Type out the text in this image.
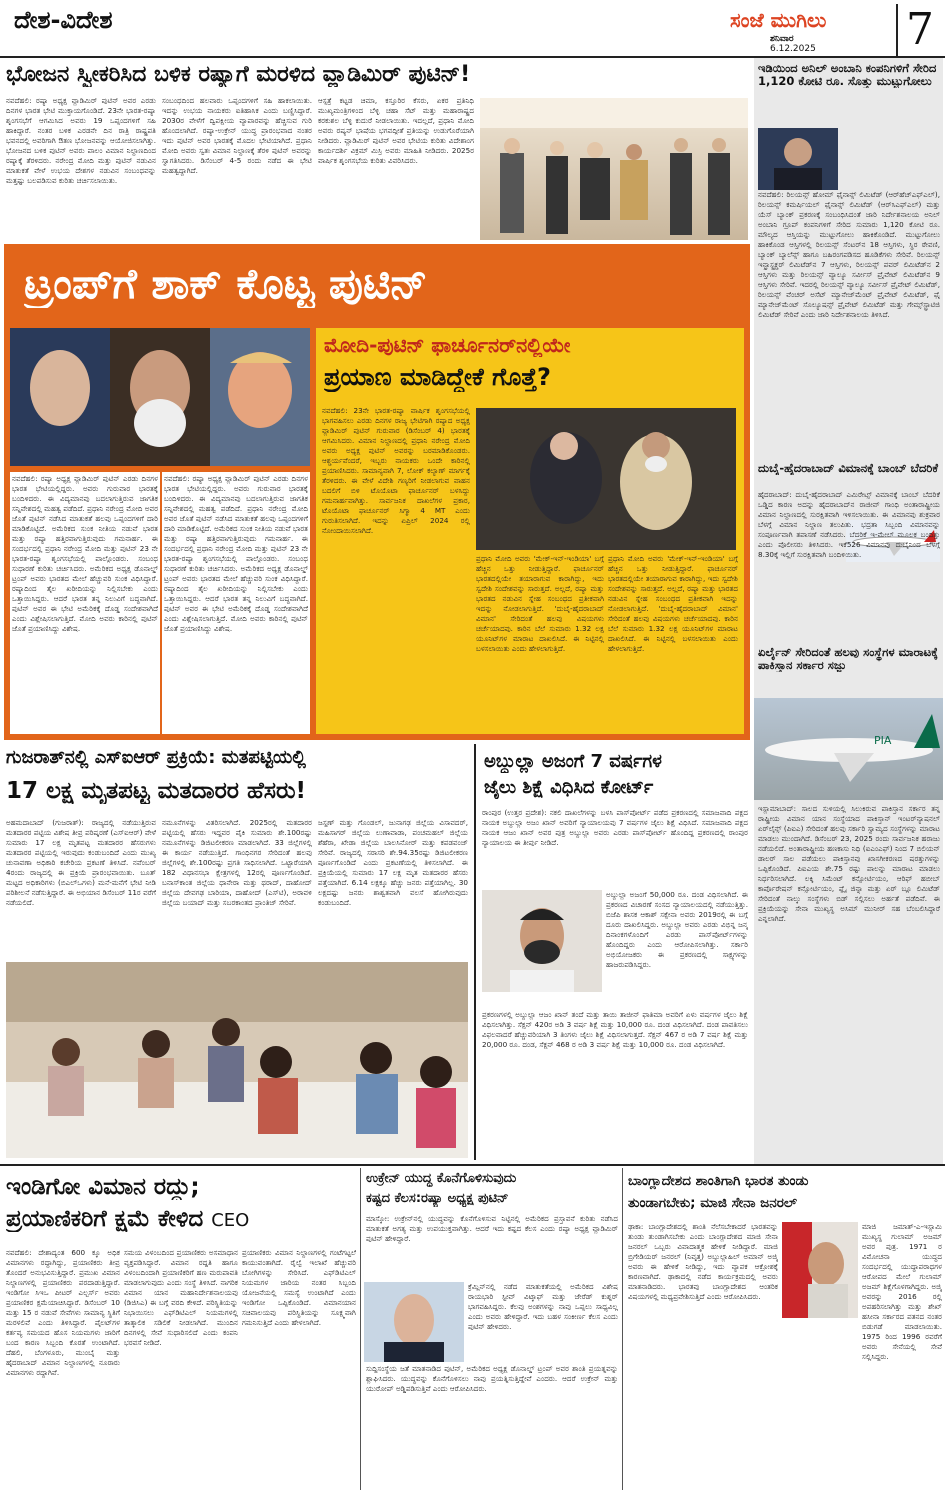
ದೇಶ-ವಿದೇಶ	ಸಂಜೆ ಮುಗಿಲು
ಶನಿವಾರ
6.12.2025 7
ಭೋಜನ ಸ್ವೀಕರಿಸಿದ ಬಳಿಕ ರಷ್ಯಾಗೆ ಮರಳಿದ ವ್ಲಾಡಿಮಿರ್ ಪುಟಿನ್!
ನವದೆಹಲಿ: ರಷ್ಯಾ ಅಧ್ಯಕ್ಷ ವ್ಲಾಡಿಮಿರ್ ಪುಟಿನ್ ಅವರ ಎರಡು ದಿನಗಳ ಭಾರತ ಭೇಟಿ ಮುಕ್ತಾಯಗೊಂಡಿದೆ. 23ನೇ ಭಾರತ-ರಷ್ಯಾ ಶೃಂಗಸಭೆಗೆ ಆಗಮಿಸಿದ ಅವರು 19 ಒಪ್ಪಂದಗಳಿಗೆ ಸಹಿ ಹಾಕಿದ್ದಾರೆ. ನಂತರ ಬಳಿಕ ಎರಡನೇ ದಿನ ರಾತ್ರಿ ರಾಷ್ಟ್ರಪತಿ ಭವನದಲ್ಲಿ ಅವರಿಗಾಗಿ ಔತಣ ಭೋಜನವನ್ನು ಆಯೋಜಿಸಲಾಗಿತ್ತು. ಭೋಜನದ ಬಳಿಕ ಪುಟಿನ್ ಅವರು ಪಾಲಂ ವಿಮಾನ ನಿಲ್ದಾಣದಿಂದ ರಷ್ಯಾಕ್ಕೆ ತೆರಳಿದರು. ನರೇಂದ್ರ ಮೋದಿ ಮತ್ತು ಪುಟಿನ್ ನಡುವಿನ ಮಾತುಕತೆ ವೇಳೆ ಉಭಯ ದೇಶಗಳ ನಡುವಿನ ಸಂಬಂಧವನ್ನು ಮತ್ತಷ್ಟು ಬಲಪಡಿಸುವ ಕುರಿತು ಚರ್ಚಿಸಲಾಯಿತು.
ಸಂಬಂಧದಿಂದ ಹಲವಾರು ಒಪ್ಪಂದಗಳಿಗೆ ಸಹಿ ಹಾಕಲಾಯಿತು. ಇದನ್ನು ಉಭಯ ನಾಯಕರು ಐತಿಹಾಸಿಕ ಎಂದು ಬಣ್ಣಿಸಿದ್ದಾರೆ. 2030ರ ವೇಳೆಗೆ ದ್ವಿಪಕ್ಷೀಯ ವ್ಯಾಪಾರವನ್ನು ಹೆಚ್ಚಿಸುವ ಗುರಿ ಹೊಂದಲಾಗಿದೆ. ರಷ್ಯಾ-ಉಕ್ರೇನ್ ಯುದ್ಧ ಪ್ರಾರಂಭವಾದ ನಂತರ ಇದು ಪುಟಿನ್ ಅವರ ಭಾರತಕ್ಕೆ ಮೊದಲ ಭೇಟಿಯಾಗಿದೆ. ಪ್ರಧಾನಿ ಮೋದಿ ಅವರು ಸ್ವತಃ ವಿಮಾನ ನಿಲ್ದಾಣಕ್ಕೆ ತೆರಳಿ ಪುಟಿನ್ ಅವರನ್ನು ಸ್ವಾಗತಿಸಿದರು. ಡಿಸೆಂಬರ್ 4-5 ರಂದು ನಡೆದ ಈ ಭೇಟಿ ಮಹತ್ವದ್ದಾಗಿದೆ.
ಆಸ್ಪತ್ರೆ ಕಟ್ಟಡ ಚಿಮಾ, ಕಸ್ತೂರಿರ ಕೆಸರು, ಏಕರ ಪ್ರತಿನಿಧಿ ಮುಖ್ಯಮಂತ್ರಿಗಳಿಂದ ಬೆಳ್ಳಿ ಚಹಾ ಸೆಟ್ ಮತ್ತು ಮಹಾರಾಷ್ಟ್ರದ ಕರಕುಶಲ ಬೆಳ್ಳಿ ಕುದುರೆ ನೀಡಲಾಯಿತು. ಇದಲ್ಲದೆ, ಪ್ರಧಾನಿ ಮೋದಿ ಅವರು ರಷ್ಯನ್ ಭಾಷೆಯ ಭಗವದ್ಗೀತೆ ಪ್ರತಿಯನ್ನು ಉಡುಗೊರೆಯಾಗಿ ನೀಡಿದರು. ವ್ಲಾಡಿಮಿರ್ ಪುಟಿನ್ ಅವರ ಭೇಟಿಯ ಕುರಿತು ವಿದೇಶಾಂಗ ಕಾರ್ಯದರ್ಶಿ ವಿಕ್ರಮ್ ಮಿಸ್ರಿ ಅವರು ಮಾಹಿತಿ ನೀಡಿದರು. 2025ರ ವಾರ್ಷಿಕ ಶೃಂಗಸಭೆಯ ಕುರಿತು ವಿವರಿಸಿದರು.
ಇಡಿಯಿಂದ ಅನಿಲ್ ಅಂಬಾನಿ ಕಂಪನಿಗಳಿಗೆ ಸೇರಿದ 1,120 ಕೋಟಿ ರೂ. ಸೊತ್ತು ಮುಟ್ಟುಗೋಲು
ನವದೆಹಲಿ: ರಿಲಯನ್ಸ್ ಹೋಮ್ ಫೈನಾನ್ಸ್ ಲಿಮಿಟೆಡ್ (ಆರ್‌ಹೆಚ್‌ಎಫ್‌ಎಲ್), ರಿಲಯನ್ಸ್ ಕಮರ್ಷಿಯಲ್ ಫೈನಾನ್ಸ್ ಲಿಮಿಟೆಡ್ (ಆರ್‌ಸಿಎಫ್‌ಎಲ್) ಮತ್ತು ಯೆಸ್ ಬ್ಯಾಂಕ್ ಪ್ರಕರಣಕ್ಕೆ ಸಂಬಂಧಿಸಿದಂತೆ ಜಾರಿ ನಿರ್ದೇಶನಾಲಯ ಅನಿಲ್ ಅಂಬಾನಿ ಗ್ರೂಪ್ ಕಂಪನಿಗಳಿಗೆ ಸೇರಿದ ಸುಮಾರು 1,120 ಕೋಟಿ ರೂ. ಮೌಲ್ಯದ ಆಸ್ತಿಯನ್ನು ಮುಟ್ಟುಗೋಲು ಹಾಕಿಕೊಂಡಿದೆ. ಮುಟ್ಟುಗೋಲು ಹಾಕಿಕೊಂಡ ಆಸ್ತಿಗಳಲ್ಲಿ ರಿಲಯನ್ಸ್ ಸೆಂಟರ್‌ನ 18 ಆಸ್ತಿಗಳು, ಸ್ಥಿರ ಠೇವಣಿ, ಬ್ಯಾಂಕ್ ಬ್ಯಾಲೆನ್ಸ್ ಹಾಗೂ ಬಹಿರಂಗಪಡಿಸದ ಹೂಡಿಕೆಗಳು ಸೇರಿವೆ. ರಿಲಯನ್ಸ್ ಇನ್ಫ್ರಾಸ್ಟ್ರಕ್ಚರ್ ಲಿಮಿಟೆಡ್‌ನ 7 ಆಸ್ತಿಗಳು, ರಿಲಯನ್ಸ್ ಪವರ್ ಲಿಮಿಟೆಡ್‌ನ 2 ಆಸ್ತಿಗಳು ಮತ್ತು ರಿಲಯನ್ಸ್ ವ್ಯಾಲ್ಯೂ ಸರ್ವೀಸ್ ಪ್ರೈವೇಟ್ ಲಿಮಿಟೆಡ್‌ನ 9 ಆಸ್ತಿಗಳು ಸೇರಿವೆ. ಇದರಲ್ಲಿ ರಿಲಯನ್ಸ್ ವ್ಯಾಲ್ಯೂ ಸರ್ವೀಸ್ ಪ್ರೈವೇಟ್ ಲಿಮಿಟೆಡ್, ರಿಲಯನ್ಸ್ ವೆಂಚರ್ ಅಸೆಟ್ ಮ್ಯಾನೇಜ್‌ಮೆಂಟ್ ಪ್ರೈವೇಟ್ ಲಿಮಿಟೆಡ್, ಫೈ ಮ್ಯಾನೇಜ್‌ಮೆಂಟ್ ಸೊಲ್ಯೂಷನ್ಸ್ ಪ್ರೈವೇಟ್ ಲಿಮಿಟೆಡ್ ಮತ್ತು ಗೇಮ್ಸ್‌ಸ್ಟ್ರಾಟಿಜಿ ಲಿಮಿಟೆಡ್ ಸೇರಿವೆ ಎಂದು ಜಾರಿ ನಿರ್ದೇಶನಾಲಯ ತಿಳಿಸಿದೆ.
ದುಬೈ-ಹೈದರಾಬಾದ್ ವಿಮಾನಕ್ಕೆ ಬಾಂಬ್ ಬೆದರಿಕೆ
ಹೈದರಾಬಾದ್: ದುಬೈ-ಹೈದರಾಬಾದ್ ಎಮಿರೇಟ್ಸ್ ವಿಮಾನಕ್ಕೆ ಬಾಂಬ್ ಬೆದರಿಕೆ ಒಡ್ಡಿದ ಕಾರಣ ಅದನ್ನು ಹೈದರಾಬಾದ್‌ನ ರಾಜೀವ್ ಗಾಂಧಿ ಅಂತಾರಾಷ್ಟ್ರೀಯ ವಿಮಾನ ನಿಲ್ದಾಣದಲ್ಲಿ ಸುರಕ್ಷಿತವಾಗಿ ಇಳಿಸಲಾಯಿತು. ಈ ವಿಮಾನವು ಶುಕ್ರವಾರ ಬೆಳಗ್ಗೆ ವಿಮಾನ ನಿಲ್ದಾಣ ತಲುಪಿತು. ಭದ್ರತಾ ಸಿಬ್ಬಂದಿ ವಿಮಾನವನ್ನು ಸಂಪೂರ್ಣವಾಗಿ ತಪಾಸಣೆ ನಡೆಸಿದರು. ಬೆದರಿಕೆ ಇ-ಮೇಲ್ ಮೂಲಕ ಬಂದಿತ್ತು ಎಂದು ಪೊಲೀಸರು ತಿಳಿಸಿದರು. ಇಕೆ526 ವಿಮಾನವು ದುಬೈನಿಂದ ಬೆಳಗ್ಗೆ 8.30ಕ್ಕೆ ಇಲ್ಲಿಗೆ ಸುರಕ್ಷಿತವಾಗಿ ಬಂದಿಳಿಯಿತು.
ಏರ್ಲೈನ್ ಸೇರಿದಂತೆ ಹಲವು ಸಂಸ್ಥೆಗಳ ಮಾರಾಟಕ್ಕೆ ಪಾಕಿಸ್ತಾನ ಸರ್ಕಾರ ಸಜ್ಜು
PIA
ಇಸ್ಲಾಮಾಬಾದ್: ಸಾಲದ ಸುಳಿಯಲ್ಲಿ ಸಿಲುಕಿರುವ ಪಾಕಿಸ್ತಾನ ಸರ್ಕಾರ ತನ್ನ ರಾಷ್ಟ್ರೀಯ ವಿಮಾನ ಯಾನ ಸಂಸ್ಥೆಯಾದ ಪಾಕಿಸ್ತಾನ್ ಇಂಟರ್‌ನ್ಯಾಷನಲ್ ಏರ್‌ಲೈನ್ಸ್ (ಪಿಐಎ) ಸೇರಿದಂತೆ ಹಲವು ಸರ್ಕಾರಿ ಸ್ವಾಮ್ಯದ ಸಂಸ್ಥೆಗಳನ್ನು ಮಾರಾಟ ಮಾಡಲು ಮುಂದಾಗಿದೆ. ಡಿಸೆಂಬರ್ 23, 2025 ರಂದು ಸಾರ್ವಜನಿಕ ಹರಾಜು ನಡೆಯಲಿದೆ. ಅಂತಾರಾಷ್ಟ್ರೀಯ ಹಣಕಾಸು ನಿಧಿ (ಐಎಂಎಫ್) ನಿಂದ 7 ಬಿಲಿಯನ್ ಡಾಲರ್ ಸಾಲ ಪಡೆಯಲು ಪಾಕಿಸ್ತಾನವು ಖಾಸಗೀಕರಣದ ಷರತ್ತುಗಳನ್ನು ಒಪ್ಪಿಕೊಂಡಿದೆ. ಪಿಐಎಯ ಶೇ.75 ರಷ್ಟು ಪಾಲನ್ನು ಮಾರಾಟ ಮಾಡಲು ನಿರ್ಧರಿಸಲಾಗಿದೆ. ಲಕ್ಕಿ ಸಿಮೆಂಟ್ ಕನ್ಸೋರ್ಟಿಯಂ, ಆರಿಫ್ ಹಬೀಬ್ ಕಾರ್ಪೊರೇಷನ್ ಕನ್ಸೋರ್ಟಿಯಂ, ಫ್ಲೈ ಜಿನ್ನಾ ಮತ್ತು ಏರ್ ಬ್ಲೂ ಲಿಮಿಟೆಡ್ ಸೇರಿದಂತೆ ನಾಲ್ಕು ಸಂಸ್ಥೆಗಳು ಬಿಡ್ ಸಲ್ಲಿಸಲು ಅರ್ಹತೆ ಪಡೆದಿವೆ. ಈ ಪ್ರಕ್ರಿಯೆಯನ್ನು ಸೇನಾ ಮುಖ್ಯಸ್ಥ ಅಸಿಮ್ ಮುನೀರ್ ಸಹ ಬೆಂಬಲಿಸಿದ್ದಾರೆ ಎನ್ನಲಾಗಿದೆ.
ಟ್ರಂಪ್‌ಗೆ ಶಾಕ್ ಕೊಟ್ಟ ಪುಟಿನ್
ನವದೆಹಲಿ: ರಷ್ಯಾ ಅಧ್ಯಕ್ಷ ವ್ಲಾಡಿಮಿರ್ ಪುಟಿನ್ ಎರಡು ದಿನಗಳ ಭಾರತ ಭೇಟಿಯಲ್ಲಿದ್ದರು. ಅವರು ಗುರುವಾರ ಭಾರತಕ್ಕೆ ಬಂದಿಳಿದರು. ಈ ವಿದ್ಯಮಾನವು ಬದಲಾಗುತ್ತಿರುವ ಜಾಗತಿಕ ಸನ್ನಿವೇಶದಲ್ಲಿ ಮಹತ್ವ ಪಡೆದಿದೆ. ಪ್ರಧಾನಿ ನರೇಂದ್ರ ಮೋದಿ ಅವರ ಜೊತೆ ಪುಟಿನ್ ನಡೆಸಿದ ಮಾತುಕತೆ ಹಲವು ಒಪ್ಪಂದಗಳಿಗೆ ದಾರಿ ಮಾಡಿಕೊಟ್ಟಿದೆ. ಅಮೆರಿಕದ ಸುಂಕ ನೀತಿಯ ನಡುವೆ ಭಾರತ ಮತ್ತು ರಷ್ಯಾ ಹತ್ತಿರವಾಗುತ್ತಿರುವುದು ಗಮನಾರ್ಹ. ಈ ಸಂದರ್ಭದಲ್ಲಿ ಪ್ರಧಾನಿ ನರೇಂದ್ರ ಮೋದಿ ಮತ್ತು ಪುಟಿನ್ 23 ನೇ ಭಾರತ-ರಷ್ಯಾ ಶೃಂಗಸಭೆಯಲ್ಲಿ ಪಾಲ್ಗೊಂಡರು. ಸಂಬಂಧ ಸುಧಾರಣೆ ಕುರಿತು ಚರ್ಚಿಸಿದರು. ಅಮೆರಿಕದ ಅಧ್ಯಕ್ಷ ಡೊನಾಲ್ಡ್ ಟ್ರಂಪ್ ಅವರು ಭಾರತದ ಮೇಲೆ ಹೆಚ್ಚುವರಿ ಸುಂಕ ವಿಧಿಸಿದ್ದಾರೆ. ರಷ್ಯಾದಿಂದ ತೈಲ ಖರೀದಿಯನ್ನು ನಿಲ್ಲಿಸಬೇಕು ಎಂದು ಒತ್ತಾಯಿಸಿದ್ದರು. ಆದರೆ ಭಾರತ ತನ್ನ ನಿಲುವಿಗೆ ಬದ್ಧವಾಗಿದೆ. ಪುಟಿನ್ ಅವರ ಈ ಭೇಟಿ ಅಮೆರಿಕಕ್ಕೆ ದೊಡ್ಡ ಸಂದೇಶವಾಗಿದೆ ಎಂದು ವಿಶ್ಲೇಷಿಸಲಾಗುತ್ತಿದೆ. ಮೋದಿ ಅವರು ಕಾರಿನಲ್ಲಿ ಪುಟಿನ್ ಜೊತೆ ಪ್ರಯಾಣಿಸಿದ್ದು ವಿಶೇಷ.
ನವದೆಹಲಿ: ರಷ್ಯಾ ಅಧ್ಯಕ್ಷ ವ್ಲಾಡಿಮಿರ್ ಪುಟಿನ್ ಎರಡು ದಿನಗಳ ಭಾರತ ಭೇಟಿಯಲ್ಲಿದ್ದರು. ಅವರು ಗುರುವಾರ ಭಾರತಕ್ಕೆ ಬಂದಿಳಿದರು. ಈ ವಿದ್ಯಮಾನವು ಬದಲಾಗುತ್ತಿರುವ ಜಾಗತಿಕ ಸನ್ನಿವೇಶದಲ್ಲಿ ಮಹತ್ವ ಪಡೆದಿದೆ. ಪ್ರಧಾನಿ ನರೇಂದ್ರ ಮೋದಿ ಅವರ ಜೊತೆ ಪುಟಿನ್ ನಡೆಸಿದ ಮಾತುಕತೆ ಹಲವು ಒಪ್ಪಂದಗಳಿಗೆ ದಾರಿ ಮಾಡಿಕೊಟ್ಟಿದೆ. ಅಮೆರಿಕದ ಸುಂಕ ನೀತಿಯ ನಡುವೆ ಭಾರತ ಮತ್ತು ರಷ್ಯಾ ಹತ್ತಿರವಾಗುತ್ತಿರುವುದು ಗಮನಾರ್ಹ. ಈ ಸಂದರ್ಭದಲ್ಲಿ ಪ್ರಧಾನಿ ನರೇಂದ್ರ ಮೋದಿ ಮತ್ತು ಪುಟಿನ್ 23 ನೇ ಭಾರತ-ರಷ್ಯಾ ಶೃಂಗಸಭೆಯಲ್ಲಿ ಪಾಲ್ಗೊಂಡರು. ಸಂಬಂಧ ಸುಧಾರಣೆ ಕುರಿತು ಚರ್ಚಿಸಿದರು. ಅಮೆರಿಕದ ಅಧ್ಯಕ್ಷ ಡೊನಾಲ್ಡ್ ಟ್ರಂಪ್ ಅವರು ಭಾರತದ ಮೇಲೆ ಹೆಚ್ಚುವರಿ ಸುಂಕ ವಿಧಿಸಿದ್ದಾರೆ. ರಷ್ಯಾದಿಂದ ತೈಲ ಖರೀದಿಯನ್ನು ನಿಲ್ಲಿಸಬೇಕು ಎಂದು ಒತ್ತಾಯಿಸಿದ್ದರು. ಆದರೆ ಭಾರತ ತನ್ನ ನಿಲುವಿಗೆ ಬದ್ಧವಾಗಿದೆ. ಪುಟಿನ್ ಅವರ ಈ ಭೇಟಿ ಅಮೆರಿಕಕ್ಕೆ ದೊಡ್ಡ ಸಂದೇಶವಾಗಿದೆ ಎಂದು ವಿಶ್ಲೇಷಿಸಲಾಗುತ್ತಿದೆ. ಮೋದಿ ಅವರು ಕಾರಿನಲ್ಲಿ ಪುಟಿನ್ ಜೊತೆ ಪ್ರಯಾಣಿಸಿದ್ದು ವಿಶೇಷ.
ಮೋದಿ-ಪುಟಿನ್ ಫಾರ್ಚೂನರ್‌ನಲ್ಲಿಯೇ
ಪ್ರಯಾಣ ಮಾಡಿದ್ದೇಕೆ ಗೊತ್ತೆ?
ನವದೆಹಲಿ: 23ನೇ ಭಾರತ-ರಷ್ಯಾ ವಾರ್ಷಿಕ ಶೃಂಗಸಭೆಯಲ್ಲಿ ಭಾಗವಹಿಸಲು ಎರಡು ದಿನಗಳ ರಾಜ್ಯ ಭೇಟಿಗಾಗಿ ರಷ್ಯಾದ ಅಧ್ಯಕ್ಷ ವ್ಲಾಡಿಮಿರ್ ಪುಟಿನ್ ಗುರುವಾರ (ಡಿಸೆಂಬರ್ 4) ಭಾರತಕ್ಕೆ ಆಗಮಿಸಿದರು. ವಿಮಾನ ನಿಲ್ದಾಣದಲ್ಲಿ ಪ್ರಧಾನಿ ನರೇಂದ್ರ ಮೋದಿ ಅವರು ಅಧ್ಯಕ್ಷ ಪುಟಿನ್ ಅವರನ್ನು ಬರಮಾಡಿಕೊಂಡರು. ಆಶ್ಚರ್ಯವೆಂದರೆ, ಇಬ್ಬರು ನಾಯಕರು ಒಂದೇ ಕಾರಿನಲ್ಲಿ ಪ್ರಯಾಣಿಸಿದರು. ಸಾಮಾನ್ಯವಾಗಿ 7, ಲೋಕ್ ಕಲ್ಯಾಣ್ ಮಾರ್ಗಕ್ಕೆ ತೆರಳಿದರು. ಈ ವೇಳೆ ವಿದೇಶಿ ಗಣ್ಯರಿಗೆ ನೀಡಲಾಗುವ ವಾಹನ ಬದಲಿಗೆ ಬಿಳಿ ಟೊಯೊಟಾ ಫಾರ್ಚೂನರ್ ಬಳಸಿದ್ದು ಗಮನಾರ್ಹವಾಗಿತ್ತು. ಸಾರ್ವಜನಿಕ ದಾಖಲೆಗಳ ಪ್ರಕಾರ, ಟೊಯೊಟಾ ಫಾರ್ಚೂನರ್ ಸಿಗ್ಮಾ 4 MT ಎಂದು ಗುರುತಿಸಲಾಗಿದೆ. ಇದನ್ನು ಏಪ್ರಿಲ್ 2024 ರಲ್ಲಿ ನೋಂದಾಯಿಸಲಾಗಿದೆ.
ಪ್ರಧಾನಿ ಮೋದಿ ಅವರು 'ಮೇಕ್-ಇನ್-ಇಂಡಿಯಾ' ಬಗ್ಗೆ ಹೆಚ್ಚಿನ ಒತ್ತು ನೀಡುತ್ತಿದ್ದಾರೆ. ಫಾರ್ಚೂನರ್ ಭಾರತದಲ್ಲಿಯೇ ತಯಾರಾಗುವ ಕಾರಾಗಿದ್ದು, ಇದು ಸ್ವದೇಶಿ ಸಂದೇಶವನ್ನು ಸಾರುತ್ತದೆ. ಅಲ್ಲದೆ, ರಷ್ಯಾ ಮತ್ತು ಭಾರತದ ನಡುವಿನ ಸ್ನೇಹ ಸಂಬಂಧದ ಪ್ರತೀಕವಾಗಿ ಇದನ್ನು ನೋಡಲಾಗುತ್ತಿದೆ. 'ದುಬೈ-ಹೈದರಾಬಾದ್ ವಿಮಾನ' ಸೇರಿದಂತೆ ಹಲವು ವಿಷಯಗಳು ಚರ್ಚೆಯಾದವು. ಕಾರಿನ ಬೆಲೆ ಸುಮಾರು 1.32 ಲಕ್ಷ ಯೂನಿಟ್‌ಗಳ ಮಾರಾಟ ದಾಖಲಿಸಿದೆ. ಈ ನಿಟ್ಟಿನಲ್ಲಿ ಬಳಸಲಾಯಿತು ಎಂದು ಹೇಳಲಾಗುತ್ತಿದೆ.
ಪ್ರಧಾನಿ ಮೋದಿ ಅವರು 'ಮೇಕ್-ಇನ್-ಇಂಡಿಯಾ' ಬಗ್ಗೆ ಹೆಚ್ಚಿನ ಒತ್ತು ನೀಡುತ್ತಿದ್ದಾರೆ. ಫಾರ್ಚೂನರ್ ಭಾರತದಲ್ಲಿಯೇ ತಯಾರಾಗುವ ಕಾರಾಗಿದ್ದು, ಇದು ಸ್ವದೇಶಿ ಸಂದೇಶವನ್ನು ಸಾರುತ್ತದೆ. ಅಲ್ಲದೆ, ರಷ್ಯಾ ಮತ್ತು ಭಾರತದ ನಡುವಿನ ಸ್ನೇಹ ಸಂಬಂಧದ ಪ್ರತೀಕವಾಗಿ ಇದನ್ನು ನೋಡಲಾಗುತ್ತಿದೆ. 'ದುಬೈ-ಹೈದರಾಬಾದ್ ವಿಮಾನ' ಸೇರಿದಂತೆ ಹಲವು ವಿಷಯಗಳು ಚರ್ಚೆಯಾದವು. ಕಾರಿನ ಬೆಲೆ ಸುಮಾರು 1.32 ಲಕ್ಷ ಯೂನಿಟ್‌ಗಳ ಮಾರಾಟ ದಾಖಲಿಸಿದೆ. ಈ ನಿಟ್ಟಿನಲ್ಲಿ ಬಳಸಲಾಯಿತು ಎಂದು ಹೇಳಲಾಗುತ್ತಿದೆ.
ಗುಜರಾತ್‌ನಲ್ಲಿ ಎಸ್‌ಐಆರ್ ಪ್ರಕ್ರಿಯೆ: ಮತಪಟ್ಟಿಯಲ್ಲಿ
17 ಲಕ್ಷ ಮೃತಪಟ್ಟ ಮತದಾರರ ಹೆಸರು!
ಅಹಮದಾಬಾದ್ (ಗುಜರಾತ್): ರಾಜ್ಯದಲ್ಲಿ ನಡೆಯುತ್ತಿರುವ ಮತದಾರರ ಪಟ್ಟಿಯ ವಿಶೇಷ ತೀವ್ರ ಪರಿಷ್ಕರಣೆ (ಎಸ್‌ಐಆರ್) ವೇಳೆ ಸುಮಾರು 17 ಲಕ್ಷ ಮೃತಪಟ್ಟ ಮತದಾರರ ಹೆಸರುಗಳು ಮತದಾರರ ಪಟ್ಟಿಯಲ್ಲಿ ಇರುವುದು ಕಂಡುಬಂದಿದೆ ಎಂದು ಮುಖ್ಯ ಚುನಾವಣಾ ಅಧಿಕಾರಿ ಕಚೇರಿಯ ಪ್ರಕಟಣೆ ತಿಳಿಸಿದೆ. ನವೆಂಬರ್ 4ರಂದು ರಾಜ್ಯದಲ್ಲಿ ಈ ಪ್ರಕ್ರಿಯೆ ಪ್ರಾರಂಭವಾಯಿತು. ಬೂತ್ ಮಟ್ಟದ ಅಧಿಕಾರಿಗಳು (ಬಿಎಲ್‌ಒಗಳು) ಮನೆ-ಮನೆಗೆ ಭೇಟಿ ನೀಡಿ ಪರಿಶೀಲನೆ ನಡೆಸುತ್ತಿದ್ದಾರೆ. ಈ ಅಭಿಯಾನ ಡಿಸೆಂಬರ್ 11ರ ವರೆಗೆ ನಡೆಯಲಿದೆ.
ನಮೂನೆಗಳನ್ನು ವಿತರಿಸಲಾಗಿದೆ. 2025ರಲ್ಲಿ ಮತದಾರರ ಪಟ್ಟಿಯಲ್ಲಿ ಹೆಸರು ಇದ್ದವರ ಪೈಕಿ ಸುಮಾರು ಶೇ.100ರಷ್ಟು ನಮೂನೆಗಳನ್ನು ಡಿಜಿಟಲೀಕರಣ ಮಾಡಲಾಗಿದೆ. 33 ಜಿಲ್ಲೆಗಳಲ್ಲಿ ಈ ಕಾರ್ಯ ನಡೆಯುತ್ತಿದೆ. ಗಾಂಧಿನಗರ ಸೇರಿದಂತೆ ಹಲವು ಜಿಲ್ಲೆಗಳಲ್ಲಿ ಶೇ.100ರಷ್ಟು ಪ್ರಗತಿ ಸಾಧಿಸಲಾಗಿದೆ. ಒಟ್ಟಾರೆಯಾಗಿ 182 ವಿಧಾನಸಭಾ ಕ್ಷೇತ್ರಗಳಲ್ಲಿ 12ರಲ್ಲಿ ಪೂರ್ಣಗೊಂಡಿದೆ. ಬನಾಸ್‌ಕಾಂತ ಜಿಲ್ಲೆಯ ಧಾನೇರಾ ಮತ್ತು ಥರಾದ್, ದಾಹೋದ್ ಜಿಲ್ಲೆಯ ದೇವಗಢ ಬಾರಿಯಾ, ದಾಹೋದ್ (ಎಸ್‌ಟಿ), ಅರಾವಳಿ ಜಿಲ್ಲೆಯ ಬಯಾದ್ ಮತ್ತು ಸಬರಕಾಂತದ ಪ್ರಾಂತಿಜ್ ಸೇರಿವೆ.
ಜಸ್ದಣ್ ಮತ್ತು ಗೊಂಡಲ್, ಜುನಾಗಢ ಜಿಲ್ಲೆಯ ವಿಸಾವದರ್, ಮಹಿಸಾಗರ್ ಜಿಲ್ಲೆಯ ಲುಣಾವಾಡಾ, ಪಂಚಮಹಲ್ ಜಿಲ್ಲೆಯ ಶೆಹೆರಾ, ಖೇಡಾ ಜಿಲ್ಲೆಯ ಬಾಲಸಿನೋರ್ ಮತ್ತು ಕಪಡವಂಜ್ ಸೇರಿವೆ. ರಾಜ್ಯದಲ್ಲಿ ಸರಾಸರಿ ಶೇ.94.35ರಷ್ಟು ಡಿಜಿಟಲೀಕರಣ ಪೂರ್ಣಗೊಂಡಿದೆ ಎಂದು ಪ್ರಕಟಣೆಯಲ್ಲಿ ತಿಳಿಸಲಾಗಿದೆ. ಈ ಪ್ರಕ್ರಿಯೆಯಲ್ಲಿ ಸುಮಾರು 17 ಲಕ್ಷ ಮೃತ ಮತದಾರರ ಹೆಸರು ಪತ್ತೆಯಾಗಿದೆ. 6.14 ಲಕ್ಷಕ್ಕೂ ಹೆಚ್ಚು ಜನರು ಪತ್ತೆಯಾಗಿಲ್ಲ. 30 ಲಕ್ಷದಷ್ಟು ಜನರು ಶಾಶ್ವತವಾಗಿ ವಲಸೆ ಹೋಗಿರುವುದು ಕಂಡುಬಂದಿದೆ.
ಅಬ್ದುಲ್ಲಾ ಅಜಂಗೆ 7 ವರ್ಷಗಳ
ಜೈಲು ಶಿಕ್ಷೆ ವಿಧಿಸಿದ ಕೋರ್ಟ್
ರಾಂಪುರ (ಉತ್ತರ ಪ್ರದೇಶ): ನಕಲಿ ದಾಖಲೆಗಳನ್ನು ಬಳಸಿ ಪಾಸ್‌ಪೋರ್ಟ್ ಪಡೆದ ಪ್ರಕರಣದಲ್ಲಿ ಸಮಾಜವಾದಿ ಪಕ್ಷದ ನಾಯಕ ಅಬ್ದುಲ್ಲಾ ಅಜಂ ಖಾನ್ ಅವರಿಗೆ ನ್ಯಾಯಾಲಯವು 7 ವರ್ಷಗಳ ಜೈಲು ಶಿಕ್ಷೆ ವಿಧಿಸಿದೆ. ಸಮಾಜವಾದಿ ಪಕ್ಷದ ನಾಯಕ ಆಜಂ ಖಾನ್ ಅವರ ಪುತ್ರ ಅಬ್ದುಲ್ಲಾ ಅವರು ಎರಡು ಪಾಸ್‌ಪೋರ್ಟ್ ಹೊಂದಿದ್ದ ಪ್ರಕರಣದಲ್ಲಿ ರಾಂಪುರ ನ್ಯಾಯಾಲಯ ಈ ತೀರ್ಪು ನೀಡಿದೆ.
ಅಬ್ದುಲ್ಲಾ ಅಜಂಗೆ 50,000 ರೂ. ದಂಡ ವಿಧಿಸಲಾಗಿದೆ. ಈ ಪ್ರಕರಣದ ವಿಚಾರಣೆ ಸಂಸದ ನ್ಯಾಯಾಲಯದಲ್ಲಿ ನಡೆಯುತ್ತಿತ್ತು. ಬಿಜೆಪಿ ಶಾಸಕ ಆಕಾಶ್ ಸಕ್ಸೇನಾ ಅವರು 2019ರಲ್ಲಿ ಈ ಬಗ್ಗೆ ದೂರು ದಾಖಲಿಸಿದ್ದರು. ಅಬ್ದುಲ್ಲಾ ಅವರು ಎರಡು ವಿಭಿನ್ನ ಜನ್ಮ ದಿನಾಂಕಗಳೊಂದಿಗೆ ಎರಡು ಪಾಸ್‌ಪೋರ್ಟ್‌ಗಳನ್ನು ಹೊಂದಿದ್ದರು ಎಂದು ಆರೋಪಿಸಲಾಗಿತ್ತು. ಸರ್ಕಾರಿ ಅಭಿಯೋಜಕರು ಈ ಪ್ರಕರಣದಲ್ಲಿ ಸಾಕ್ಷ್ಯಗಳನ್ನು ಹಾಜರುಪಡಿಸಿದ್ದರು.
ಪ್ರಕರಣಗಳಲ್ಲಿ ಅಬ್ದುಲ್ಲಾ ಆಜಂ ಖಾನ್ ತಂದೆ ಮತ್ತು ತಾಯಿ ತಾಜೀನ್ ಫಾತಿಮಾ ಅವರಿಗೆ ಏಳು ವರ್ಷಗಳ ಜೈಲು ಶಿಕ್ಷೆ ವಿಧಿಸಲಾಗಿತ್ತು. ಸೆಕ್ಷನ್ 420ರ ಅಡಿ 3 ವರ್ಷ ಶಿಕ್ಷೆ ಮತ್ತು 10,000 ರೂ. ದಂಡ ವಿಧಿಸಲಾಗಿದೆ. ದಂಡ ಪಾವತಿಸಲು ವಿಫಲವಾದರೆ ಹೆಚ್ಚುವರಿಯಾಗಿ 3 ತಿಂಗಳು ಜೈಲು ಶಿಕ್ಷೆ ವಿಧಿಸಲಾಗುತ್ತದೆ. ಸೆಕ್ಷನ್ 467 ರ ಅಡಿ 7 ವರ್ಷ ಶಿಕ್ಷೆ ಮತ್ತು 20,000 ರೂ. ದಂಡ, ಸೆಕ್ಷನ್ 468 ರ ಅಡಿ 3 ವರ್ಷ ಶಿಕ್ಷೆ ಮತ್ತು 10,000 ರೂ. ದಂಡ ವಿಧಿಸಲಾಗಿದೆ.
ಇಂಡಿಗೋ ವಿಮಾನ ರದ್ದು;
ಪ್ರಯಾಣಿಕರಿಗೆ ಕ್ಷಮೆ ಕೇಳಿದ CEO
ನವದೆಹಲಿ: ದೇಶಾದ್ಯಂತ 600 ಕ್ಕೂ ಅಧಿಕ ವಿಮಾನಗಳು ರದ್ದಾಗಿದ್ದು, ಪ್ರಯಾಣಿಕರು ತೀವ್ರ ತೊಂದರೆ ಅನುಭವಿಸುತ್ತಿದ್ದಾರೆ. ಪ್ರಮುಖ ವಿಮಾನ ನಿಲ್ದಾಣಗಳಲ್ಲಿ ಪ್ರಯಾಣಿಕರು ಪರದಾಡುತ್ತಿದ್ದಾರೆ. ಇಂಡಿಗೋ ಸಿಇಒ ಪೀಟರ್ ಎಲ್ಬರ್ಸ್ ಅವರು ಪ್ರಯಾಣಿಕರ ಕ್ಷಮೆಯಾಚಿಸಿದ್ದಾರೆ. ಡಿಸೆಂಬರ್ 10 ಮತ್ತು 15 ರ ನಡುವೆ ಸೇವೆಗಳು ಸಾಮಾನ್ಯ ಸ್ಥಿತಿಗೆ ಮರಳಲಿವೆ ಎಂದು ತಿಳಿಸಿದ್ದಾರೆ. ಪೈಲಟ್‌ಗಳ ಕರ್ತವ್ಯ ಸಮಯದ ಹೊಸ ನಿಯಮಗಳು ಜಾರಿಗೆ ಬಂದ ಕಾರಣ ಸಿಬ್ಬಂದಿ ಕೊರತೆ ಉಂಟಾಗಿದೆ. ದೆಹಲಿ, ಬೆಂಗಳೂರು, ಮುಂಬೈ ಮತ್ತು ಹೈದರಾಬಾದ್ ವಿಮಾನ ನಿಲ್ದಾಣಗಳಲ್ಲಿ ನೂರಾರು ವಿಮಾನಗಳು ರದ್ದಾಗಿವೆ.
ಸಮಯ ವಿಳಂಬದಿಂದ ಪ್ರಯಾಣಿಕರು ಅಸಮಾಧಾನ ವ್ಯಕ್ತಪಡಿಸಿದ್ದಾರೆ. ವಿಮಾನ ರದ್ದತಿ ಹಾಗೂ ವಿಳಂಬದಿಂದಾಗಿ ಪ್ರಯಾಣಿಕರಿಗೆ ಹಣ ಮರುಪಾವತಿ ಮಾಡಲಾಗುವುದು ಎಂದು ಸಂಸ್ಥೆ ತಿಳಿಸಿದೆ. ನಾಗರಿಕ ವಿಮಾನ ಯಾನ ಮಹಾನಿರ್ದೇಶನಾಲಯವು (ಡಿಜಿಸಿಎ) ಈ ಬಗ್ಗೆ ವರದಿ ಕೇಳಿದೆ. ಪರಿಸ್ಥಿತಿಯನ್ನು ನಿಭಾಯಿಸಲು ಎಫ್‌ಡಿಟಿಎಲ್ ನಿಯಮಗಳಲ್ಲಿ ತಾತ್ಕಾಲಿಕ ಸಡಿಲಿಕೆ ನೀಡಲಾಗಿದೆ. ಮುಂದಿನ ದಿನಗಳಲ್ಲಿ ಸೇವೆ ಸುಧಾರಿಸಲಿದೆ ಎಂದು ಕಂಪನಿ ಭರವಸೆ ನೀಡಿದೆ.
ಪ್ರಯಾಣಿಕರು ವಿಮಾನ ನಿಲ್ದಾಣಗಳಲ್ಲಿ ಗಂಟೆಗಟ್ಟಲೆ ಕಾಯುವಂತಾಗಿದೆ. ರೈಲ್ವೆ ಇಲಾಖೆ ಹೆಚ್ಚುವರಿ ಬೋಗಿಗಳನ್ನು ಸೇರಿಸಿದೆ. ಎಫ್‌ಡಿಟಿಎಲ್ ನಿಯಮಗಳ ಜಾರಿಯ ನಂತರ ಸಿಬ್ಬಂದಿ ಯೋಜನೆಯಲ್ಲಿ ಸಮಸ್ಯೆ ಉಂಟಾಗಿದೆ ಎಂದು ಇಂಡಿಗೋ ಒಪ್ಪಿಕೊಂಡಿದೆ. ವಿಮಾನಯಾನ ಸಚಿವಾಲಯವು ಪರಿಸ್ಥಿತಿಯನ್ನು ಸೂಕ್ಷ್ಮವಾಗಿ ಗಮನಿಸುತ್ತಿದೆ ಎಂದು ಹೇಳಲಾಗಿದೆ.
ಉಕ್ರೇನ್ ಯುದ್ಧ ಕೊನೆಗೊಳಿಸುವುದು
ಕಷ್ಟದ ಕೆಲಸ:ರಷ್ಯಾ ಅಧ್ಯಕ್ಷ ಪುಟಿನ್
ಮಾಸ್ಕೋ: ಉಕ್ರೇನ್‌ನಲ್ಲಿ ಯುದ್ಧವನ್ನು ಕೊನೆಗೊಳಿಸುವ ನಿಟ್ಟಿನಲ್ಲಿ ಅಮೆರಿಕದ ಪ್ರಸ್ತಾವನೆ ಕುರಿತು ನಡೆಸಿದ ಮಾತುಕತೆ ಅಗತ್ಯ ಮತ್ತು ಉಪಯುಕ್ತವಾಗಿತ್ತು. ಆದರೆ ಇದು ಕಷ್ಟದ ಕೆಲಸ ಎಂದು ರಷ್ಯಾ ಅಧ್ಯಕ್ಷ ವ್ಲಾಡಿಮಿರ್ ಪುಟಿನ್ ಹೇಳಿದ್ದಾರೆ.
ಕ್ರೆಮ್ಲಿನ್‌ನಲ್ಲಿ ನಡೆದ ಮಾತುಕತೆಯಲ್ಲಿ ಅಮೆರಿಕದ ವಿಶೇಷ ರಾಯಭಾರಿ ಸ್ಟೀವ್ ವಿಟ್ಕಾಫ್ ಮತ್ತು ಜೇರೆಡ್ ಕುಶ್ನರ್ ಭಾಗವಹಿಸಿದ್ದರು. ಕೆಲವು ಅಂಶಗಳನ್ನು ನಾವು ಒಪ್ಪಲು ಸಾಧ್ಯವಿಲ್ಲ ಎಂದು ಅವರು ಹೇಳಿದ್ದಾರೆ. ಇದು ಬಹಳ ಸಂಕೀರ್ಣ ಕೆಲಸ ಎಂದು ಪುಟಿನ್ ಹೇಳಿದರು.
ಸುದ್ದಿಸಂಸ್ಥೆಯ ಜತೆ ಮಾತನಾಡಿದ ಪುಟಿನ್, ಅಮೆರಿಕದ ಅಧ್ಯಕ್ಷ ಡೊನಾಲ್ಡ್ ಟ್ರಂಪ್ ಅವರ ಶಾಂತಿ ಪ್ರಯತ್ನವನ್ನು ಶ್ಲಾಘಿಸಿದರು. ಯುದ್ಧವನ್ನು ಕೊನೆಗೊಳಿಸಲು ನಾವು ಪ್ರಯತ್ನಿಸುತ್ತಿದ್ದೇವೆ ಎಂದರು. ಆದರೆ ಉಕ್ರೇನ್ ಮತ್ತು ಯುರೋಪ್ ಅಡ್ಡಿಪಡಿಸುತ್ತಿವೆ ಎಂದು ಆರೋಪಿಸಿದರು.
ಬಾಂಗ್ಲಾದೇಶದ ಶಾಂತಿಗಾಗಿ ಭಾರತ ತುಂಡು
ತುಂಡಾಗಬೇಕು; ಮಾಜಿ ಸೇನಾ ಜನರಲ್
ಢಾಕಾ: ಬಾಂಗ್ಲಾದೇಶದಲ್ಲಿ ಶಾಂತಿ ನೆಲೆಸಬೇಕಾದರೆ ಭಾರತವನ್ನು ತುಂಡು ತುಂಡಾಗಿಸಬೇಕು ಎಂದು ಬಾಂಗ್ಲಾದೇಶದ ಮಾಜಿ ಸೇನಾ ಜನರಲ್ ಒಬ್ಬರು ವಿವಾದಾತ್ಮಕ ಹೇಳಿಕೆ ನೀಡಿದ್ದಾರೆ. ಮಾಜಿ ಬ್ರಿಗೇಡಿಯರ್ ಜನರಲ್ (ನಿವೃತ್ತ) ಅಬ್ದುಲ್ಲಾಹಿಲ್ ಅಮಾನ್ ಅಜ್ಮಿ ಅವರು ಈ ಹೇಳಿಕೆ ನೀಡಿದ್ದು, ಇದು ವ್ಯಾಪಕ ಆಕ್ರೋಶಕ್ಕೆ ಕಾರಣವಾಗಿದೆ. ಢಾಕಾದಲ್ಲಿ ನಡೆದ ಕಾರ್ಯಕ್ರಮದಲ್ಲಿ ಅವರು ಮಾತನಾಡಿದರು. ಭಾರತವು ಬಾಂಗ್ಲಾದೇಶದ ಆಂತರಿಕ ವಿಷಯಗಳಲ್ಲಿ ಮಧ್ಯಪ್ರವೇಶಿಸುತ್ತಿದೆ ಎಂದು ಆರೋಪಿಸಿದರು.
ಮಾಜಿ ಜಮಾತ್-ಎ-ಇಸ್ಲಾಮಿ ಮುಖ್ಯಸ್ಥ ಗುಲಾಮ್ ಅಜಮ್ ಅವರ ಪುತ್ರ. 1971 ರ ವಿಮೋಚನಾ ಯುದ್ಧದ ಸಂದರ್ಭದಲ್ಲಿ ಯುದ್ಧಾಪರಾಧಗಳ ಆರೋಪದ ಮೇಲೆ ಗುಲಾಮ್ ಅಜಮ್ ಶಿಕ್ಷೆಗೊಳಗಾಗಿದ್ದರು. ಅಜ್ಮಿ ಅವರನ್ನು 2016 ರಲ್ಲಿ ಅಪಹರಿಸಲಾಗಿತ್ತು ಮತ್ತು ಶೇಖ್ ಹಸೀನಾ ಸರ್ಕಾರದ ಪತನದ ನಂತರ ಬಿಡುಗಡೆ ಮಾಡಲಾಯಿತು. 1975 ರಿಂದ 1996 ರವರೆಗೆ ಅವರು ಸೇನೆಯಲ್ಲಿ ಸೇವೆ ಸಲ್ಲಿಸಿದ್ದರು.
